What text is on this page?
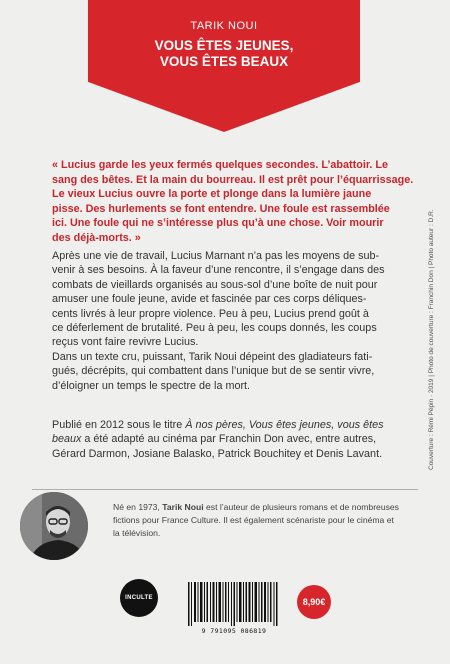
TARIK NOUI
VOUS ÊTES JEUNES,
VOUS ÊTES BEAUX
Couverture : Rémi Pépin · 2019 | Photo de couverture : Franchin Don | Photo auteur : D.R.
« Lucius garde les yeux fermés quelques secondes. L’abattoir. Le
sang des bêtes. Et la main du bourreau. Il est prêt pour l’équarrissage.
Le vieux Lucius ouvre la porte et plonge dans la lumière jaune
pisse. Des hurlements se font entendre. Une foule est rassemblée
ici. Une foule qui ne s’intéresse plus qu’à une chose. Voir mourir
des déjà-morts. »
Après une vie de travail, Lucius Marnant n’a pas les moyens de sub-
venir à ses besoins. À la faveur d’une rencontre, il s’engage dans des
combats de vieillards organisés au sous-sol d’une boîte de nuit pour
amuser une foule jeune, avide et fascinée par ces corps déliques-
cents livrés à leur propre violence. Peu à peu, Lucius prend goût à
ce déferlement de brutalité. Peu à peu, les coups donnés, les coups
reçus vont faire revivre Lucius.
Dans un texte cru, puissant, Tarik Noui dépeint des gladiateurs fati-
gués, décrépits, qui combattent dans l’unique but de se sentir vivre,
d’éloigner un temps le spectre de la mort.
Publié en 2012 sous le titre À nos pères, Vous êtes jeunes, vous êtes
beaux a été adapté au cinéma par Franchin Don avec, entre autres,
Gérard Darmon, Josiane Balasko, Patrick Bouchitey et Denis Lavant.
Né en 1973, Tarik Noui est l’auteur de plusieurs romans et de nombreuses
fictions pour France Culture. Il est également scénariste pour le cinéma et
la télévision.
INCULTE
9 791095 086819
8,90€
